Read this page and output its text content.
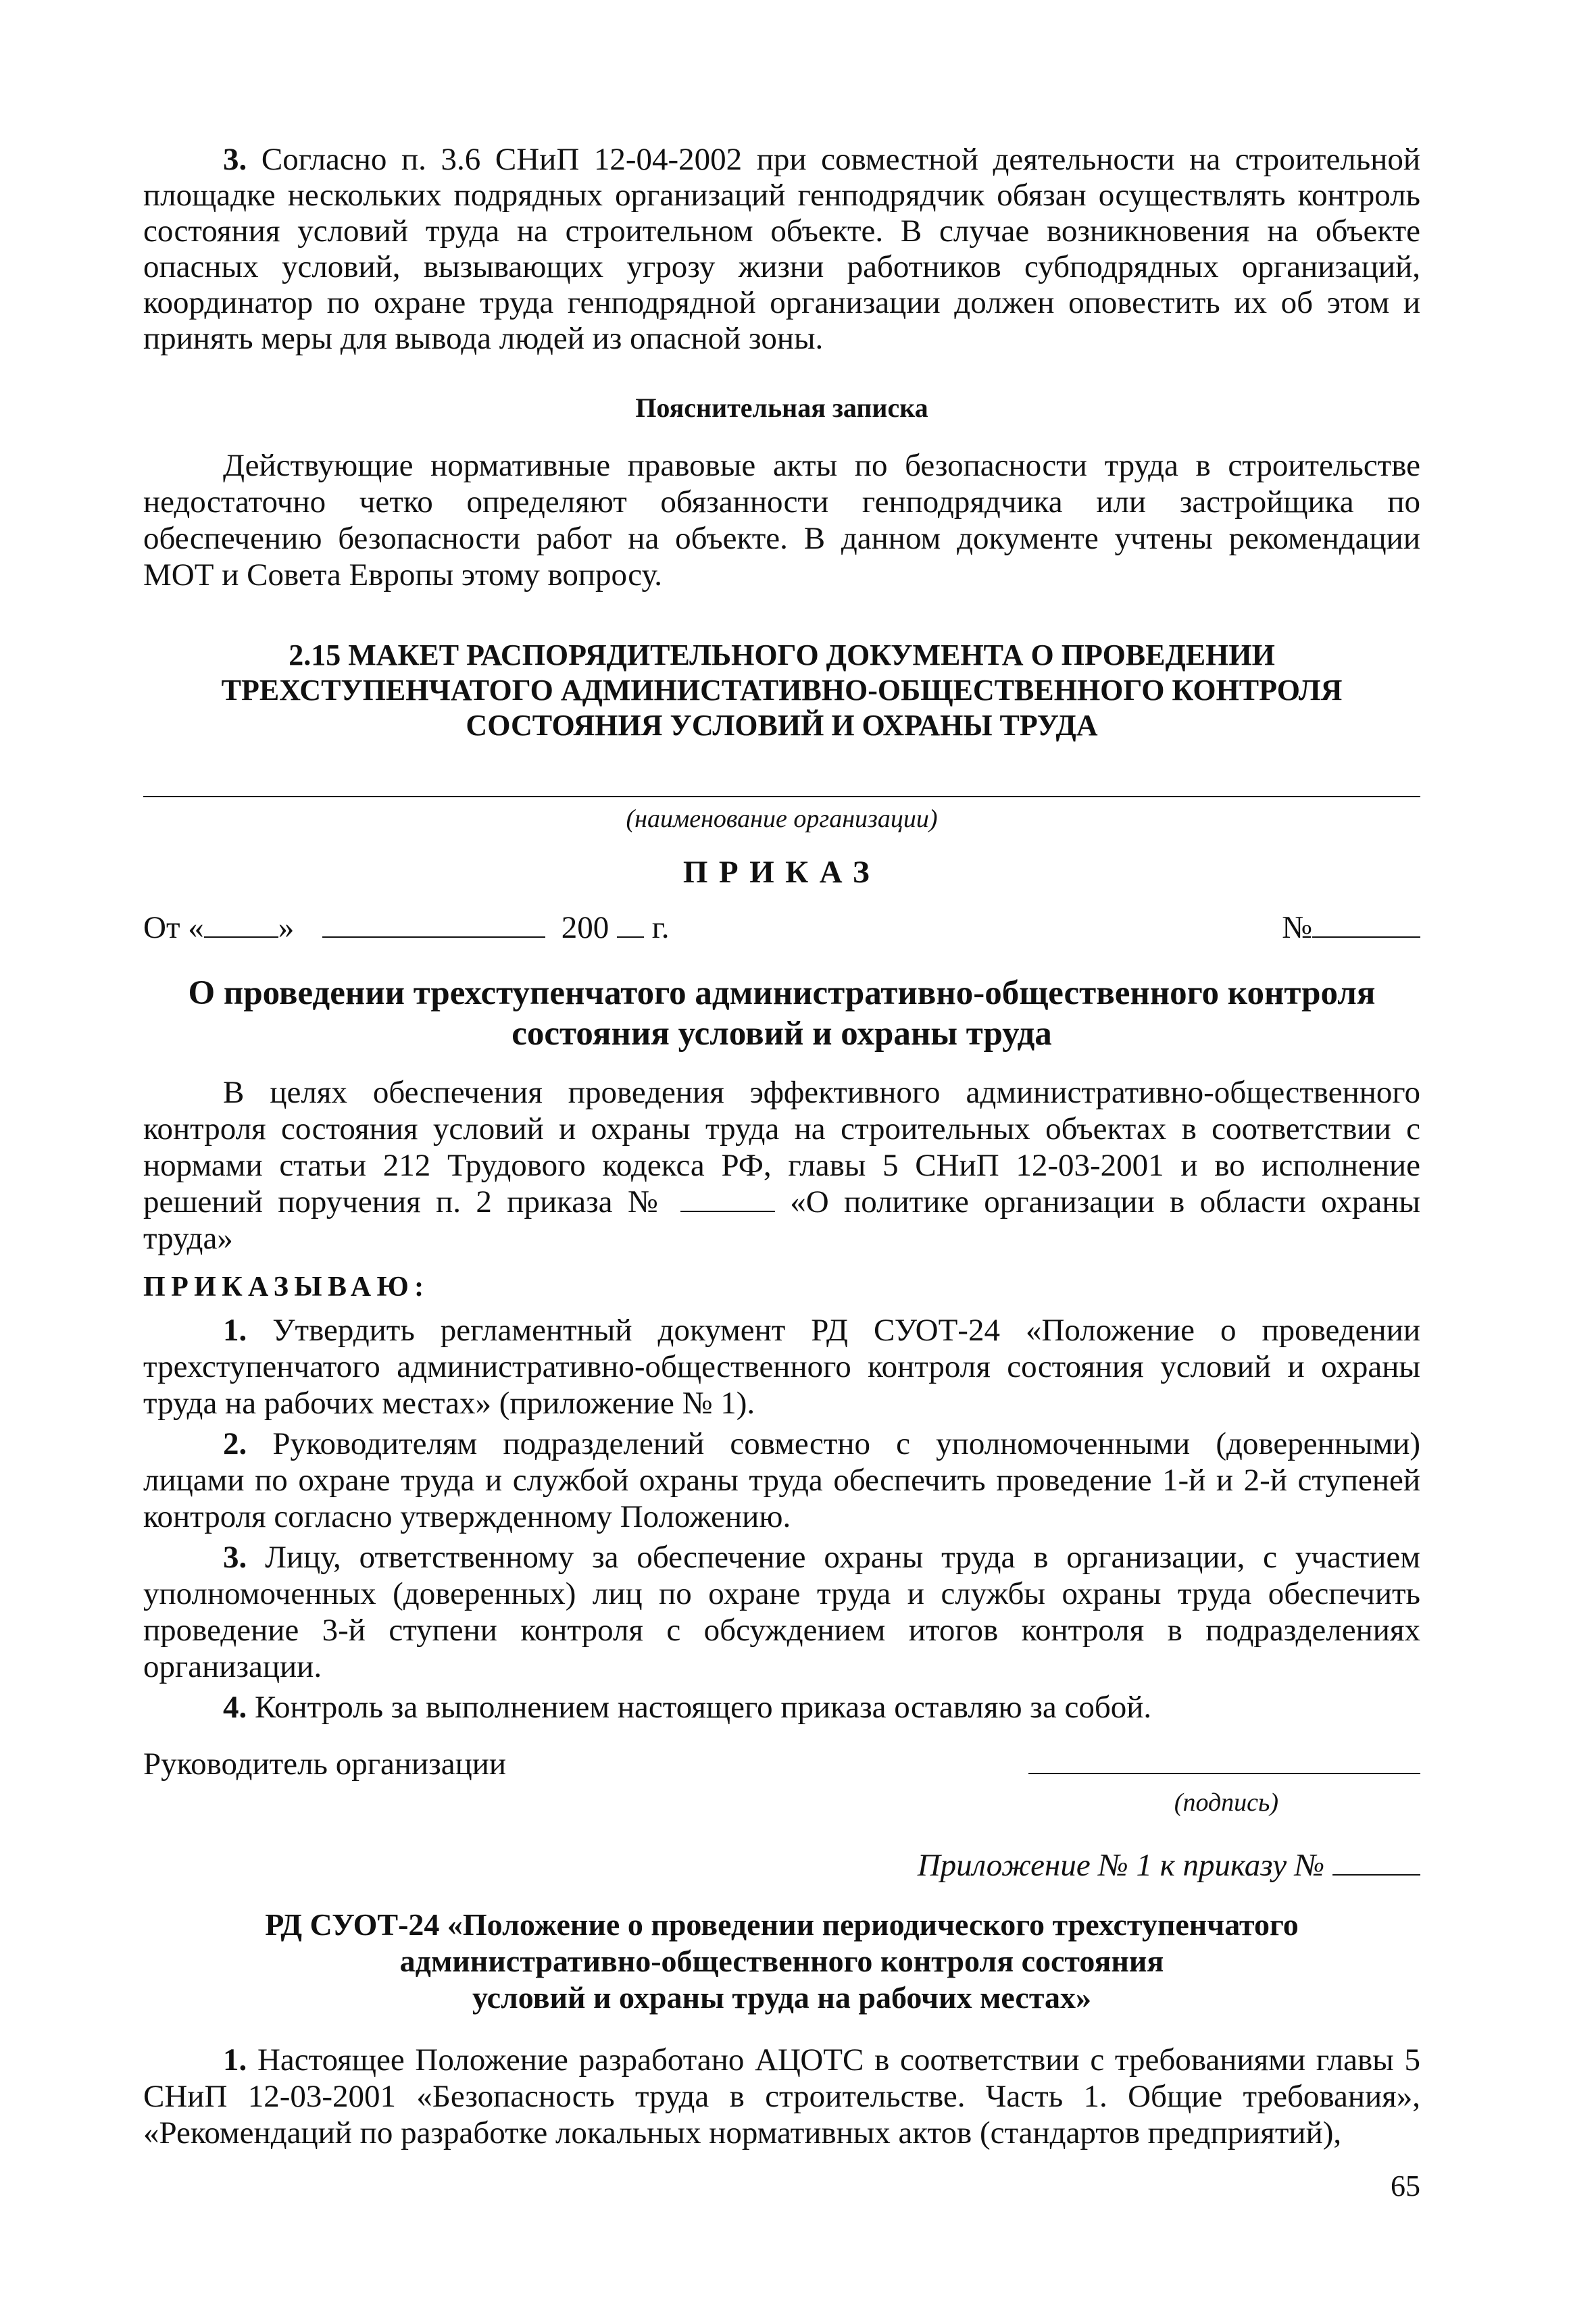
3. Согласно п. 3.6 СНиП 12-04-2002 при совместной деятельности на строительной площадке нескольких подрядных организаций генподрядчик обязан осуществлять контроль состояния условий труда на строительном объекте. В случае возникновения на объекте опасных условий, вызывающих угрозу жизни работников субподрядных организаций, координатор по охране труда генподрядной организации должен оповестить их об этом и принять меры для вывода людей из опасной зоны.

Пояснительная записка

Действующие нормативные правовые акты по безопасности труда в строительстве недостаточно четко определяют обязанности генподрядчика или застройщика по обеспечению безопасности работ на объекте. В данном документе учтены рекомендации МОТ и Совета Европы этому вопросу.

2.15 МАКЕТ РАСПОРЯДИТЕЛЬНОГО ДОКУМЕНТА О ПРОВЕДЕНИИ
ТРЕХСТУПЕНЧАТОГО АДМИНИСТАТИВНО-ОБЩЕСТВЕННОГО КОНТРОЛЯ
СОСТОЯНИЯ УСЛОВИЙ И ОХРАНЫ ТРУДА
(наименование организации)
ПРИКАЗ
От « »	200 г.	№
О проведении трехступенчатого административно-общественного контроля
состояния условий и охраны труда

В целях обеспечения проведения эффективного административно-общественного контроля состояния условий и охраны труда на строительных объектах в соответствии с нормами статьи 212 Трудового кодекса РФ, главы 5 СНиП 12-03-2001 и во исполнение решений поручения п. 2 приказа №	«О политике организации в области охраны труда»

ПРИКАЗЫВАЮ:

1. Утвердить регламентный документ РД СУОТ-24 «Положение о проведении трехступенчатого административно-общественного контроля состояния условий и охраны труда на рабочих местах» (приложение № 1).

2. Руководителям подразделений совместно с уполномоченными (доверенными) лицами по охране труда и службой охраны труда обеспечить проведение 1-й и 2-й ступеней контроля согласно утвержденному Положению.

3. Лицу, ответственному за обеспечение охраны труда в организации, с участием уполномоченных (доверенных) лиц по охране труда и службы охраны труда обеспечить проведение 3-й ступени контроля с обсуждением итогов контроля в подразделениях организации.

4. Контроль за выполнением настоящего приказа оставляю за собой.

Руководитель организации
(подпись)
Приложение № 1 к приказу №
РД СУОТ-24 «Положение о проведении периодического трехступенчатого
административно-общественного контроля состояния
условий и охраны труда на рабочих местах»

1. Настоящее Положение разработано АЦОТС в соответствии с требованиями главы 5 СНиП 12-03-2001 «Безопасность труда в строительстве. Часть 1. Общие требования», «Рекомендаций по разработке локальных нормативных актов (стандартов предприятий),

65
